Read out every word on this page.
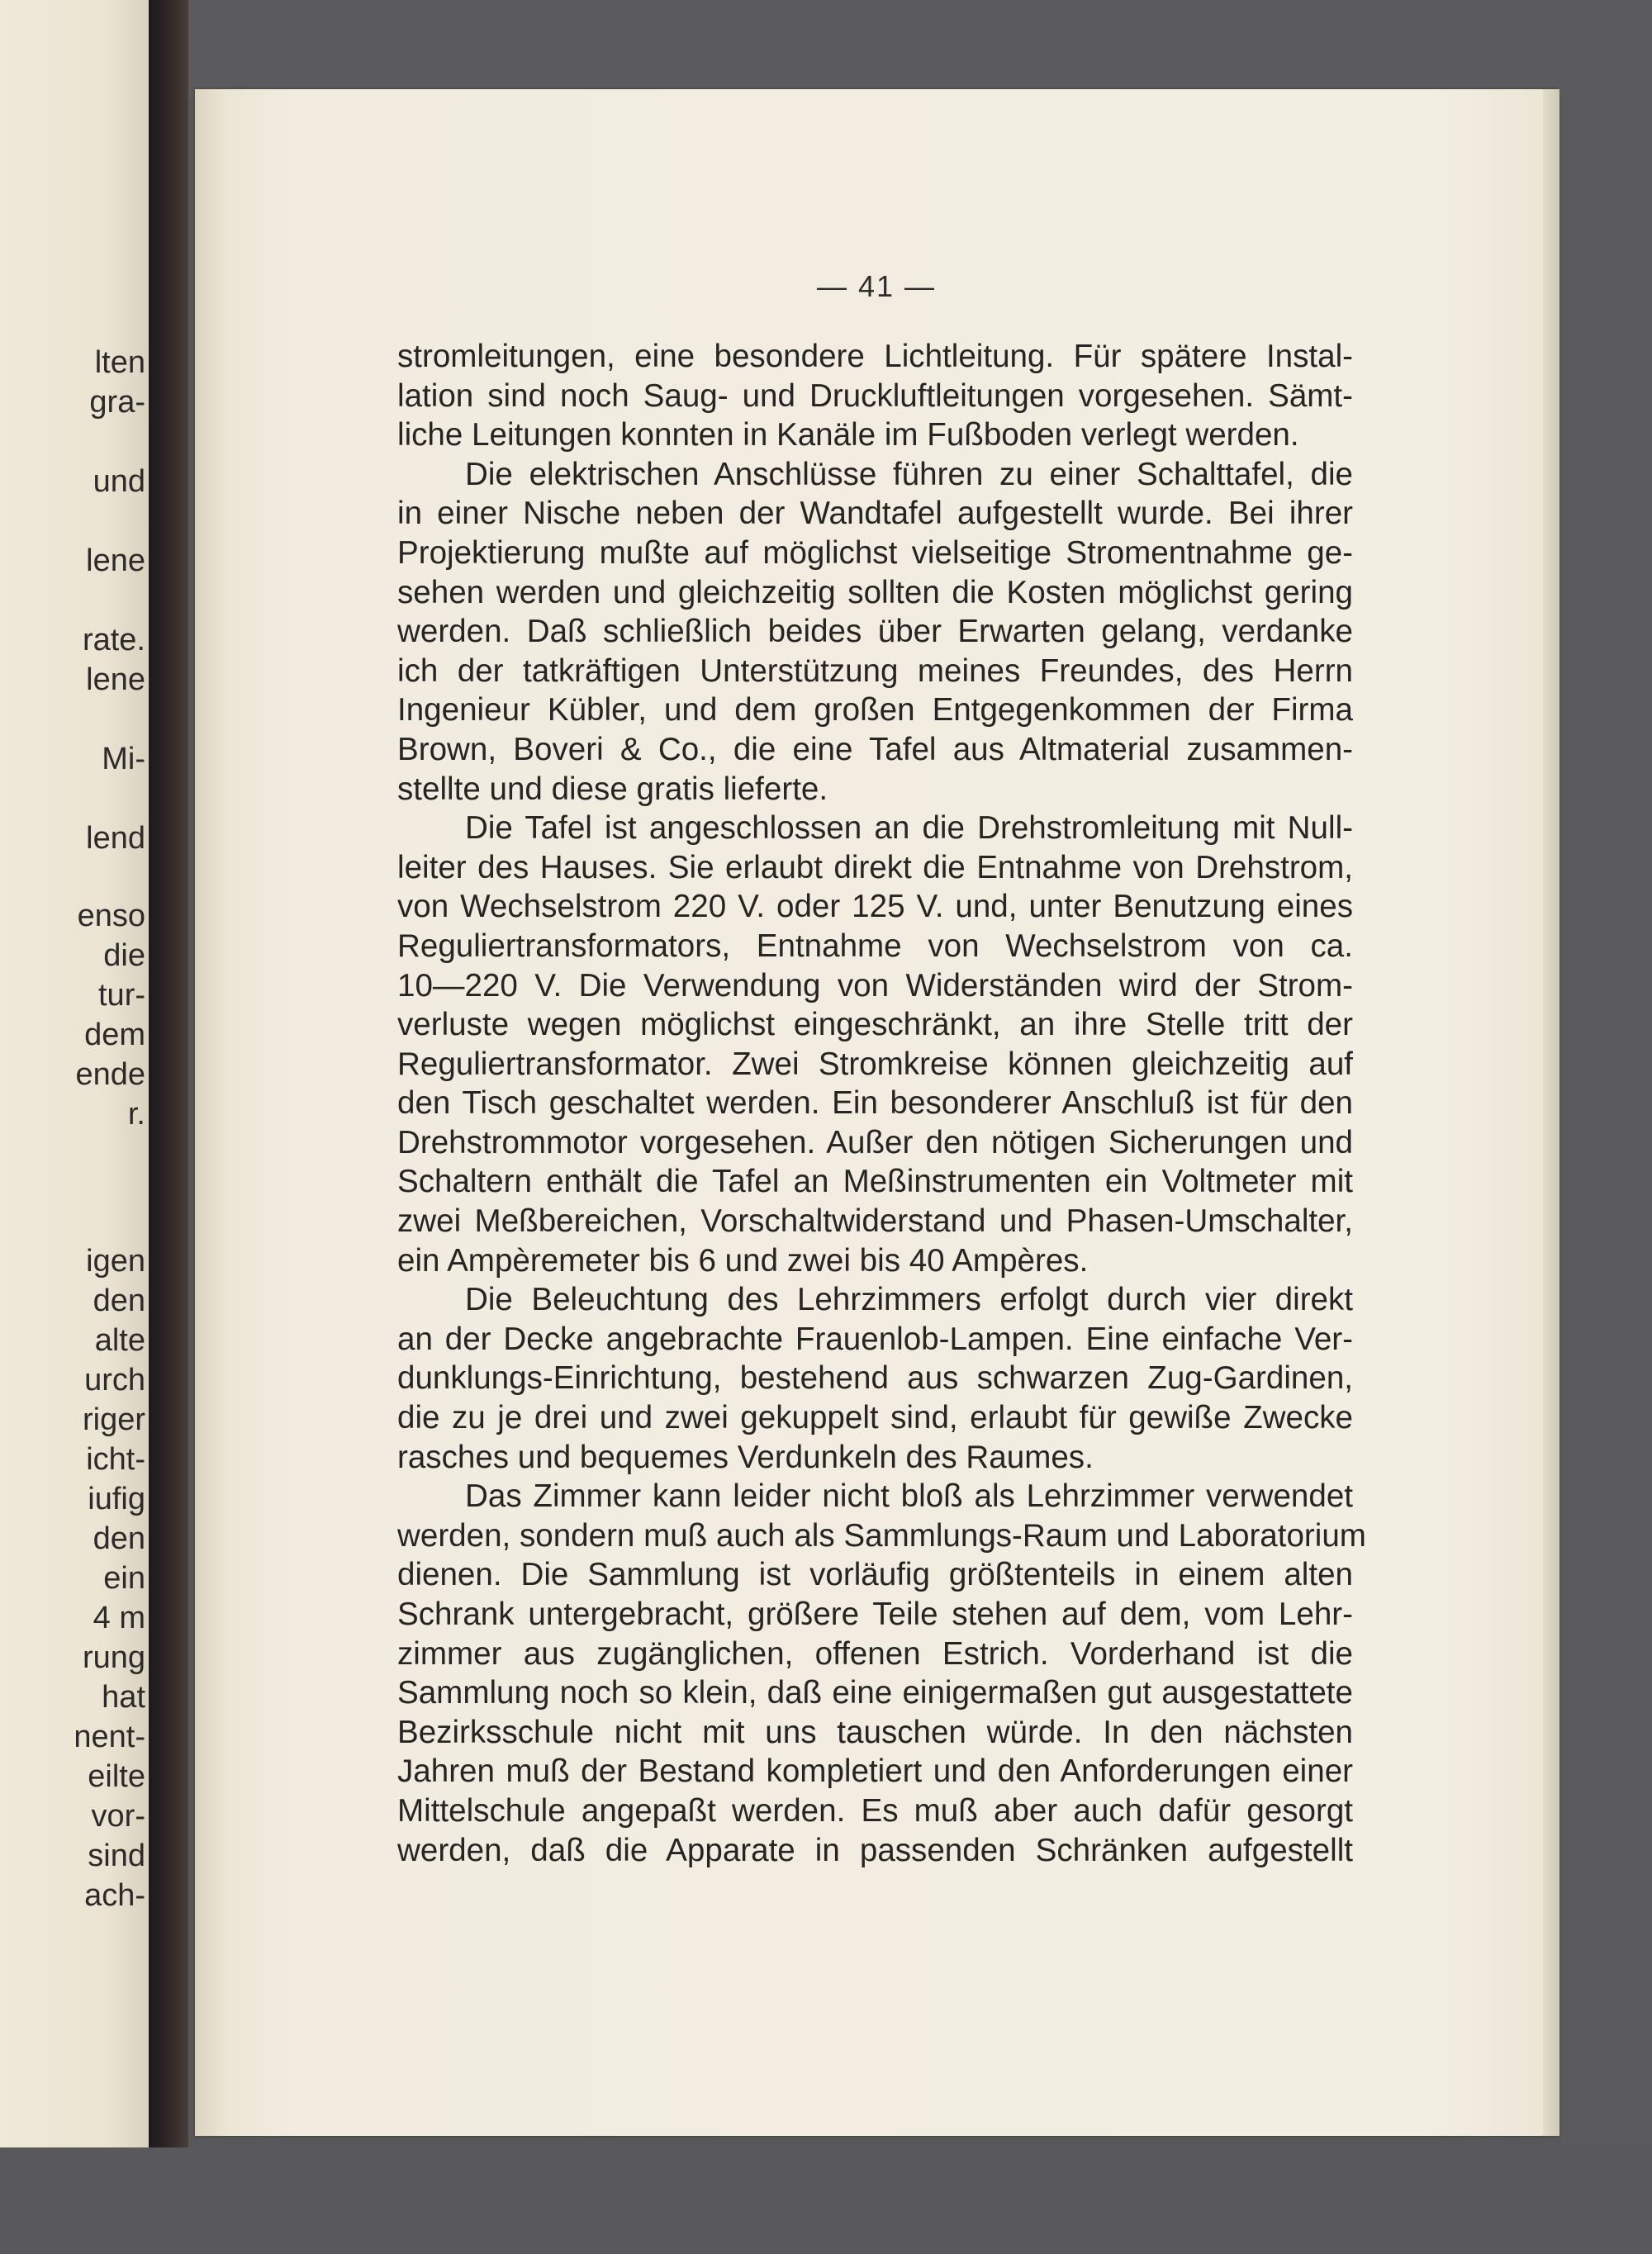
lten
gra-
und
lene
rate.
lene
Mi-
lend
enso
die
tur-
dem
ende
r.
igen
den
alte
urch
riger
icht-
iufig
den
ein
4 m
rung
hat
nent-
eilte
vor-
sind
ach-
— 41 —
stromleitungen, eine besondere Lichtleitung. Für spätere Instal-
lation sind noch Saug- und Druckluftleitungen vorgesehen. Sämt-
liche Leitungen konnten in Kanäle im Fußboden verlegt werden.
Die elektrischen Anschlüsse führen zu einer Schalttafel, die
in einer Nische neben der Wandtafel aufgestellt wurde. Bei ihrer
Projektierung mußte auf möglichst vielseitige Stromentnahme ge-
sehen werden und gleichzeitig sollten die Kosten möglichst gering
werden. Daß schließlich beides über Erwarten gelang, verdanke
ich der tatkräftigen Unterstützung meines Freundes, des Herrn
Ingenieur Kübler, und dem großen Entgegenkommen der Firma
Brown, Boveri & Co., die eine Tafel aus Altmaterial zusammen-
stellte und diese gratis lieferte.
Die Tafel ist angeschlossen an die Drehstromleitung mit Null-
leiter des Hauses. Sie erlaubt direkt die Entnahme von Drehstrom,
von Wechselstrom 220 V. oder 125 V. und, unter Benutzung eines
Reguliertransformators, Entnahme von Wechselstrom von ca.
10—220 V. Die Verwendung von Widerständen wird der Strom-
verluste wegen möglichst eingeschränkt, an ihre Stelle tritt der
Reguliertransformator. Zwei Stromkreise können gleichzeitig auf
den Tisch geschaltet werden. Ein besonderer Anschluß ist für den
Drehstrommotor vorgesehen. Außer den nötigen Sicherungen und
Schaltern enthält die Tafel an Meßinstrumenten ein Voltmeter mit
zwei Meßbereichen, Vorschaltwiderstand und Phasen-Umschalter,
ein Ampèremeter bis 6 und zwei bis 40 Ampères.
Die Beleuchtung des Lehrzimmers erfolgt durch vier direkt
an der Decke angebrachte Frauenlob-Lampen. Eine einfache Ver-
dunklungs-Einrichtung, bestehend aus schwarzen Zug-Gardinen,
die zu je drei und zwei gekuppelt sind, erlaubt für gewiße Zwecke
rasches und bequemes Verdunkeln des Raumes.
Das Zimmer kann leider nicht bloß als Lehrzimmer verwendet
werden, sondern muß auch als Sammlungs-Raum und Laboratorium
dienen. Die Sammlung ist vorläufig größtenteils in einem alten
Schrank untergebracht, größere Teile stehen auf dem, vom Lehr-
zimmer aus zugänglichen, offenen Estrich. Vorderhand ist die
Sammlung noch so klein, daß eine einigermaßen gut ausgestattete
Bezirksschule nicht mit uns tauschen würde. In den nächsten
Jahren muß der Bestand kompletiert und den Anforderungen einer
Mittelschule angepaßt werden. Es muß aber auch dafür gesorgt
werden, daß die Apparate in passenden Schränken aufgestellt
